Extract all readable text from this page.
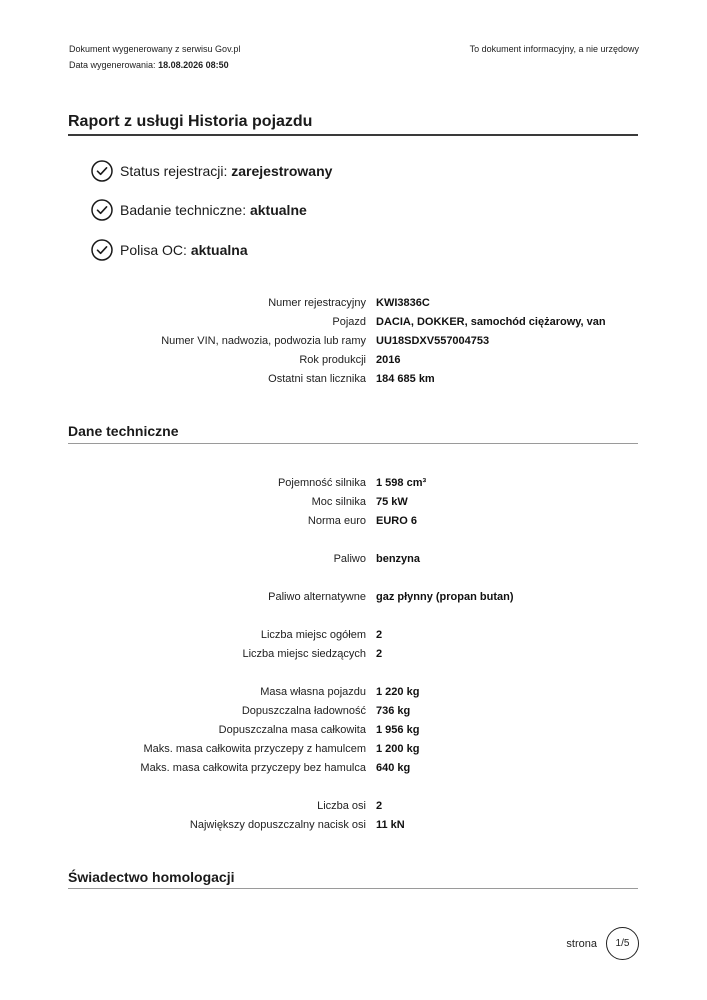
Dokument wygenerowany z serwisu Gov.pl
Data wygenerowania: 18.08.2026 08:50
To dokument informacyjny, a nie urzędowy
Raport z usługi Historia pojazdu
Status rejestracji:
zarejestrowany
Badanie techniczne:
aktualne
Polisa OC:
aktualna
Numer rejestracyjny KWI3836C
Pojazd DACIA, DOKKER, samochód ciężarowy, van
Numer VIN, nadwozia, podwozia lub ramy UU18SDXV557004753
Rok produkcji 2016
Ostatni stan licznika 184 685 km
Dane techniczne
Pojemność silnika 1 598 cm³
Moc silnika 75 kW
Norma euro EURO 6
Paliwo benzyna
Paliwo alternatywne gaz płynny (propan butan)
Liczba miejsc ogółem 2
Liczba miejsc siedzących 2
Masa własna pojazdu 1 220 kg
Dopuszczalna ładowność 736 kg
Dopuszczalna masa całkowita 1 956 kg
Maks. masa całkowita przyczepy z hamulcem 1 200 kg
Maks. masa całkowita przyczepy bez hamulca 640 kg
Liczba osi 2
Największy dopuszczalny nacisk osi 11 kN
Świadectwo homologacji
strona	1/5
